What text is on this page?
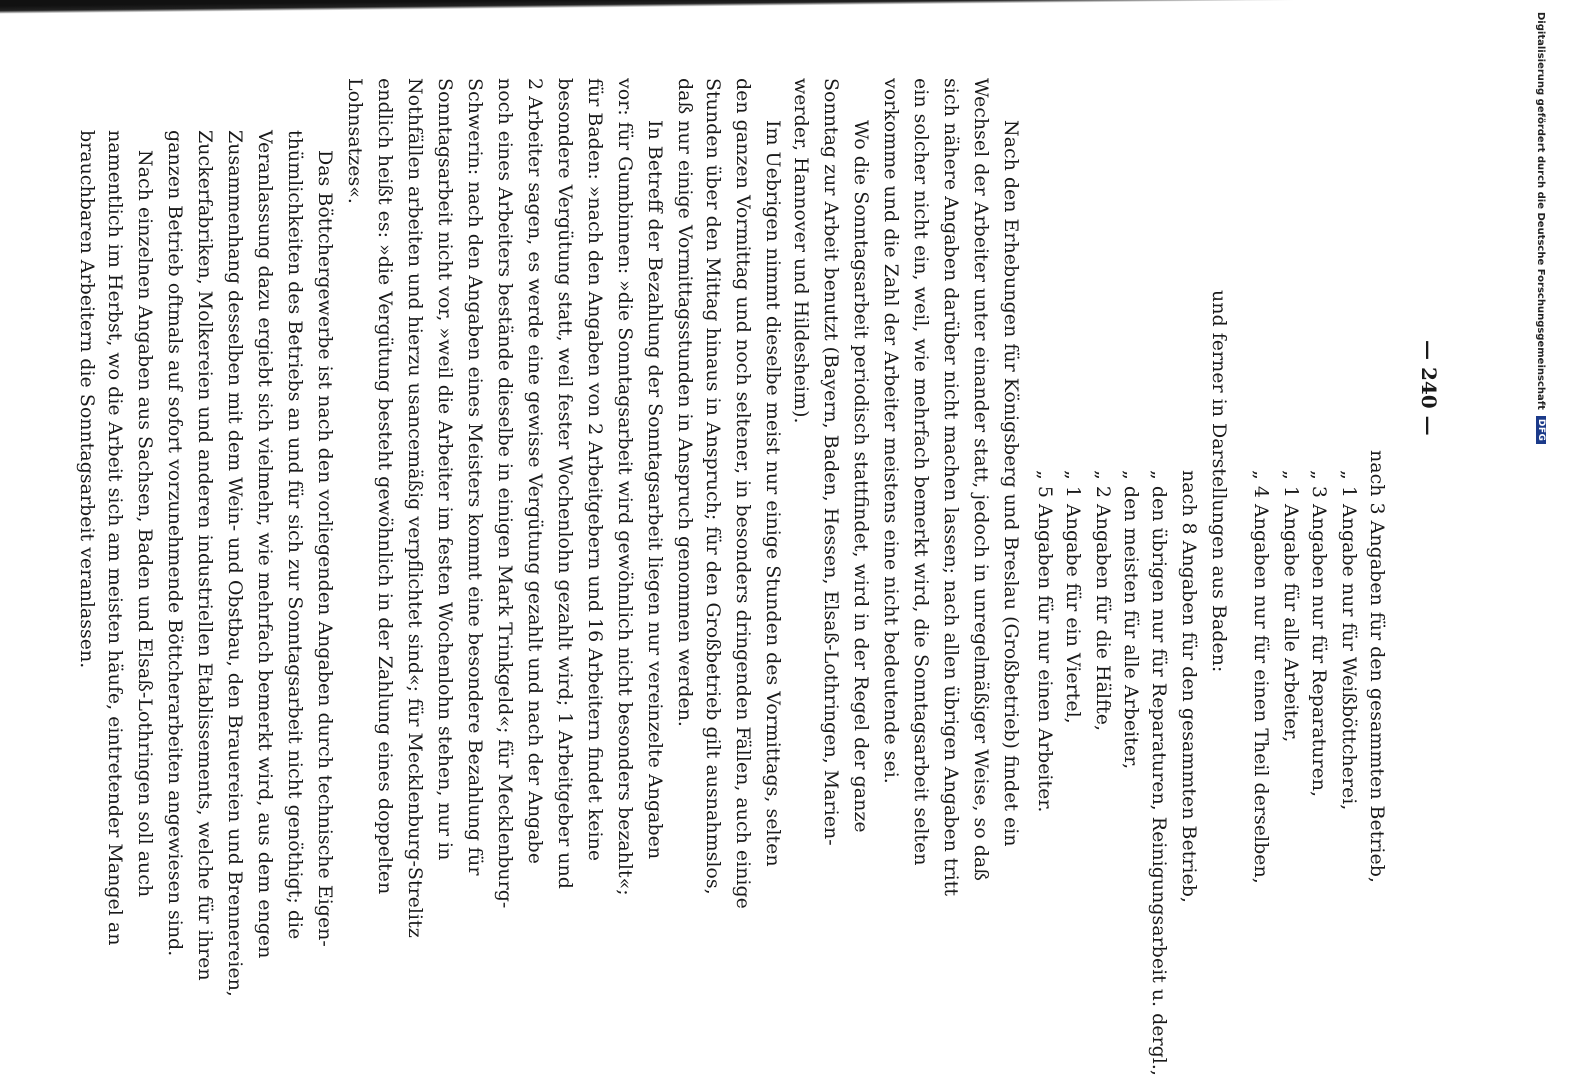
— 240 —
nach 3 Angaben für den gesammten Betrieb,
„ 1 Angabe nur für Weißböttcherei,
„ 3 Angaben nur für Reparaturen,
„ 1 Angabe für alle Arbeiter,
„ 4 Angaben nur für einen Theil derselben,
und ferner in Darstellungen aus Baden:
nach 8 Angaben für den gesammten Betrieb,
„ den übrigen nur für Reparaturen, Reinigungsarbeit u. dergl.,
„ den meisten für alle Arbeiter,
„ 2 Angaben für die Hälfte,
„ 1 Angabe für ein Viertel,
„ 5 Angaben für nur einen Arbeiter.
Nach den Erhebungen für Königsberg und Breslau (Großbetrieb) findet ein
Wechsel der Arbeiter unter einander statt, jedoch in unregelmäßiger Weise, so daß
sich nähere Angaben darüber nicht machen lassen; nach allen übrigen Angaben tritt
ein solcher nicht ein, weil, wie mehrfach bemerkt wird, die Sonntagsarbeit selten
vorkomme und die Zahl der Arbeiter meistens eine nicht bedeutende sei.
Wo die Sonntagsarbeit periodisch stattfindet, wird in der Regel der ganze
Sonntag zur Arbeit benutzt (Bayern, Baden, Hessen, Elsaß-Lothringen, Marien-
werder, Hannover und Hildesheim).
Im Uebrigen nimmt dieselbe meist nur einige Stunden des Vormittags, selten
den ganzen Vormittag und noch seltener, in besonders dringenden Fällen, auch einige
Stunden über den Mittag hinaus in Anspruch; für den Großbetrieb gilt ausnahmslos,
daß nur einige Vormittagsstunden in Anspruch genommen werden.
In Betreff der Bezahlung der Sonntagsarbeit liegen nur vereinzelte Angaben
vor: für Gumbinnen: »die Sonntagsarbeit wird gewöhnlich nicht besonders bezahlt«;
für Baden: »nach den Angaben von 2 Arbeitgebern und 16 Arbeitern findet keine
besondere Vergütung statt, weil fester Wochenlohn gezahlt wird; 1 Arbeitgeber und
2 Arbeiter sagen, es werde eine gewisse Vergütung gezahlt und nach der Angabe
noch eines Arbeiters bestände dieselbe in einigen Mark Trinkgeld«; für Mecklenburg-
Schwerin: nach den Angaben eines Meisters kommt eine besondere Bezahlung für
Sonntagsarbeit nicht vor, »weil die Arbeiter im festen Wochenlohn stehen, nur in
Nothfällen arbeiten und hierzu usancemäßig verpflichtet sind«; für Mecklenburg-Strelitz
endlich heißt es: »die Vergütung besteht gewöhnlich in der Zahlung eines doppelten
Lohnsatzes«.
Das Böttchergewerbe ist nach den vorliegenden Angaben durch technische Eigen-
thümlichkeiten des Betriebs an und für sich zur Sonntagsarbeit nicht genöthigt; die
Veranlassung dazu ergiebt sich vielmehr, wie mehrfach bemerkt wird, aus dem engen
Zusammenhang desselben mit dem Wein- und Obstbau, den Brauereien und Brennereien,
Zuckerfabriken, Molkereien und anderen industriellen Etablissements, welche für ihren
ganzen Betrieb oftmals auf sofort vorzunehmende Böttcherarbeiten angewiesen sind.
Nach einzelnen Angaben aus Sachsen, Baden und Elsaß-Lothringen soll auch
namentlich im Herbst, wo die Arbeit sich am meisten häufe, eintretender Mangel an
brauchbaren Arbeitern die Sonntagsarbeit veranlassen.	Digitalisierung gefördert durch die Deutsche Forschungsgemeinschaft
DFG
